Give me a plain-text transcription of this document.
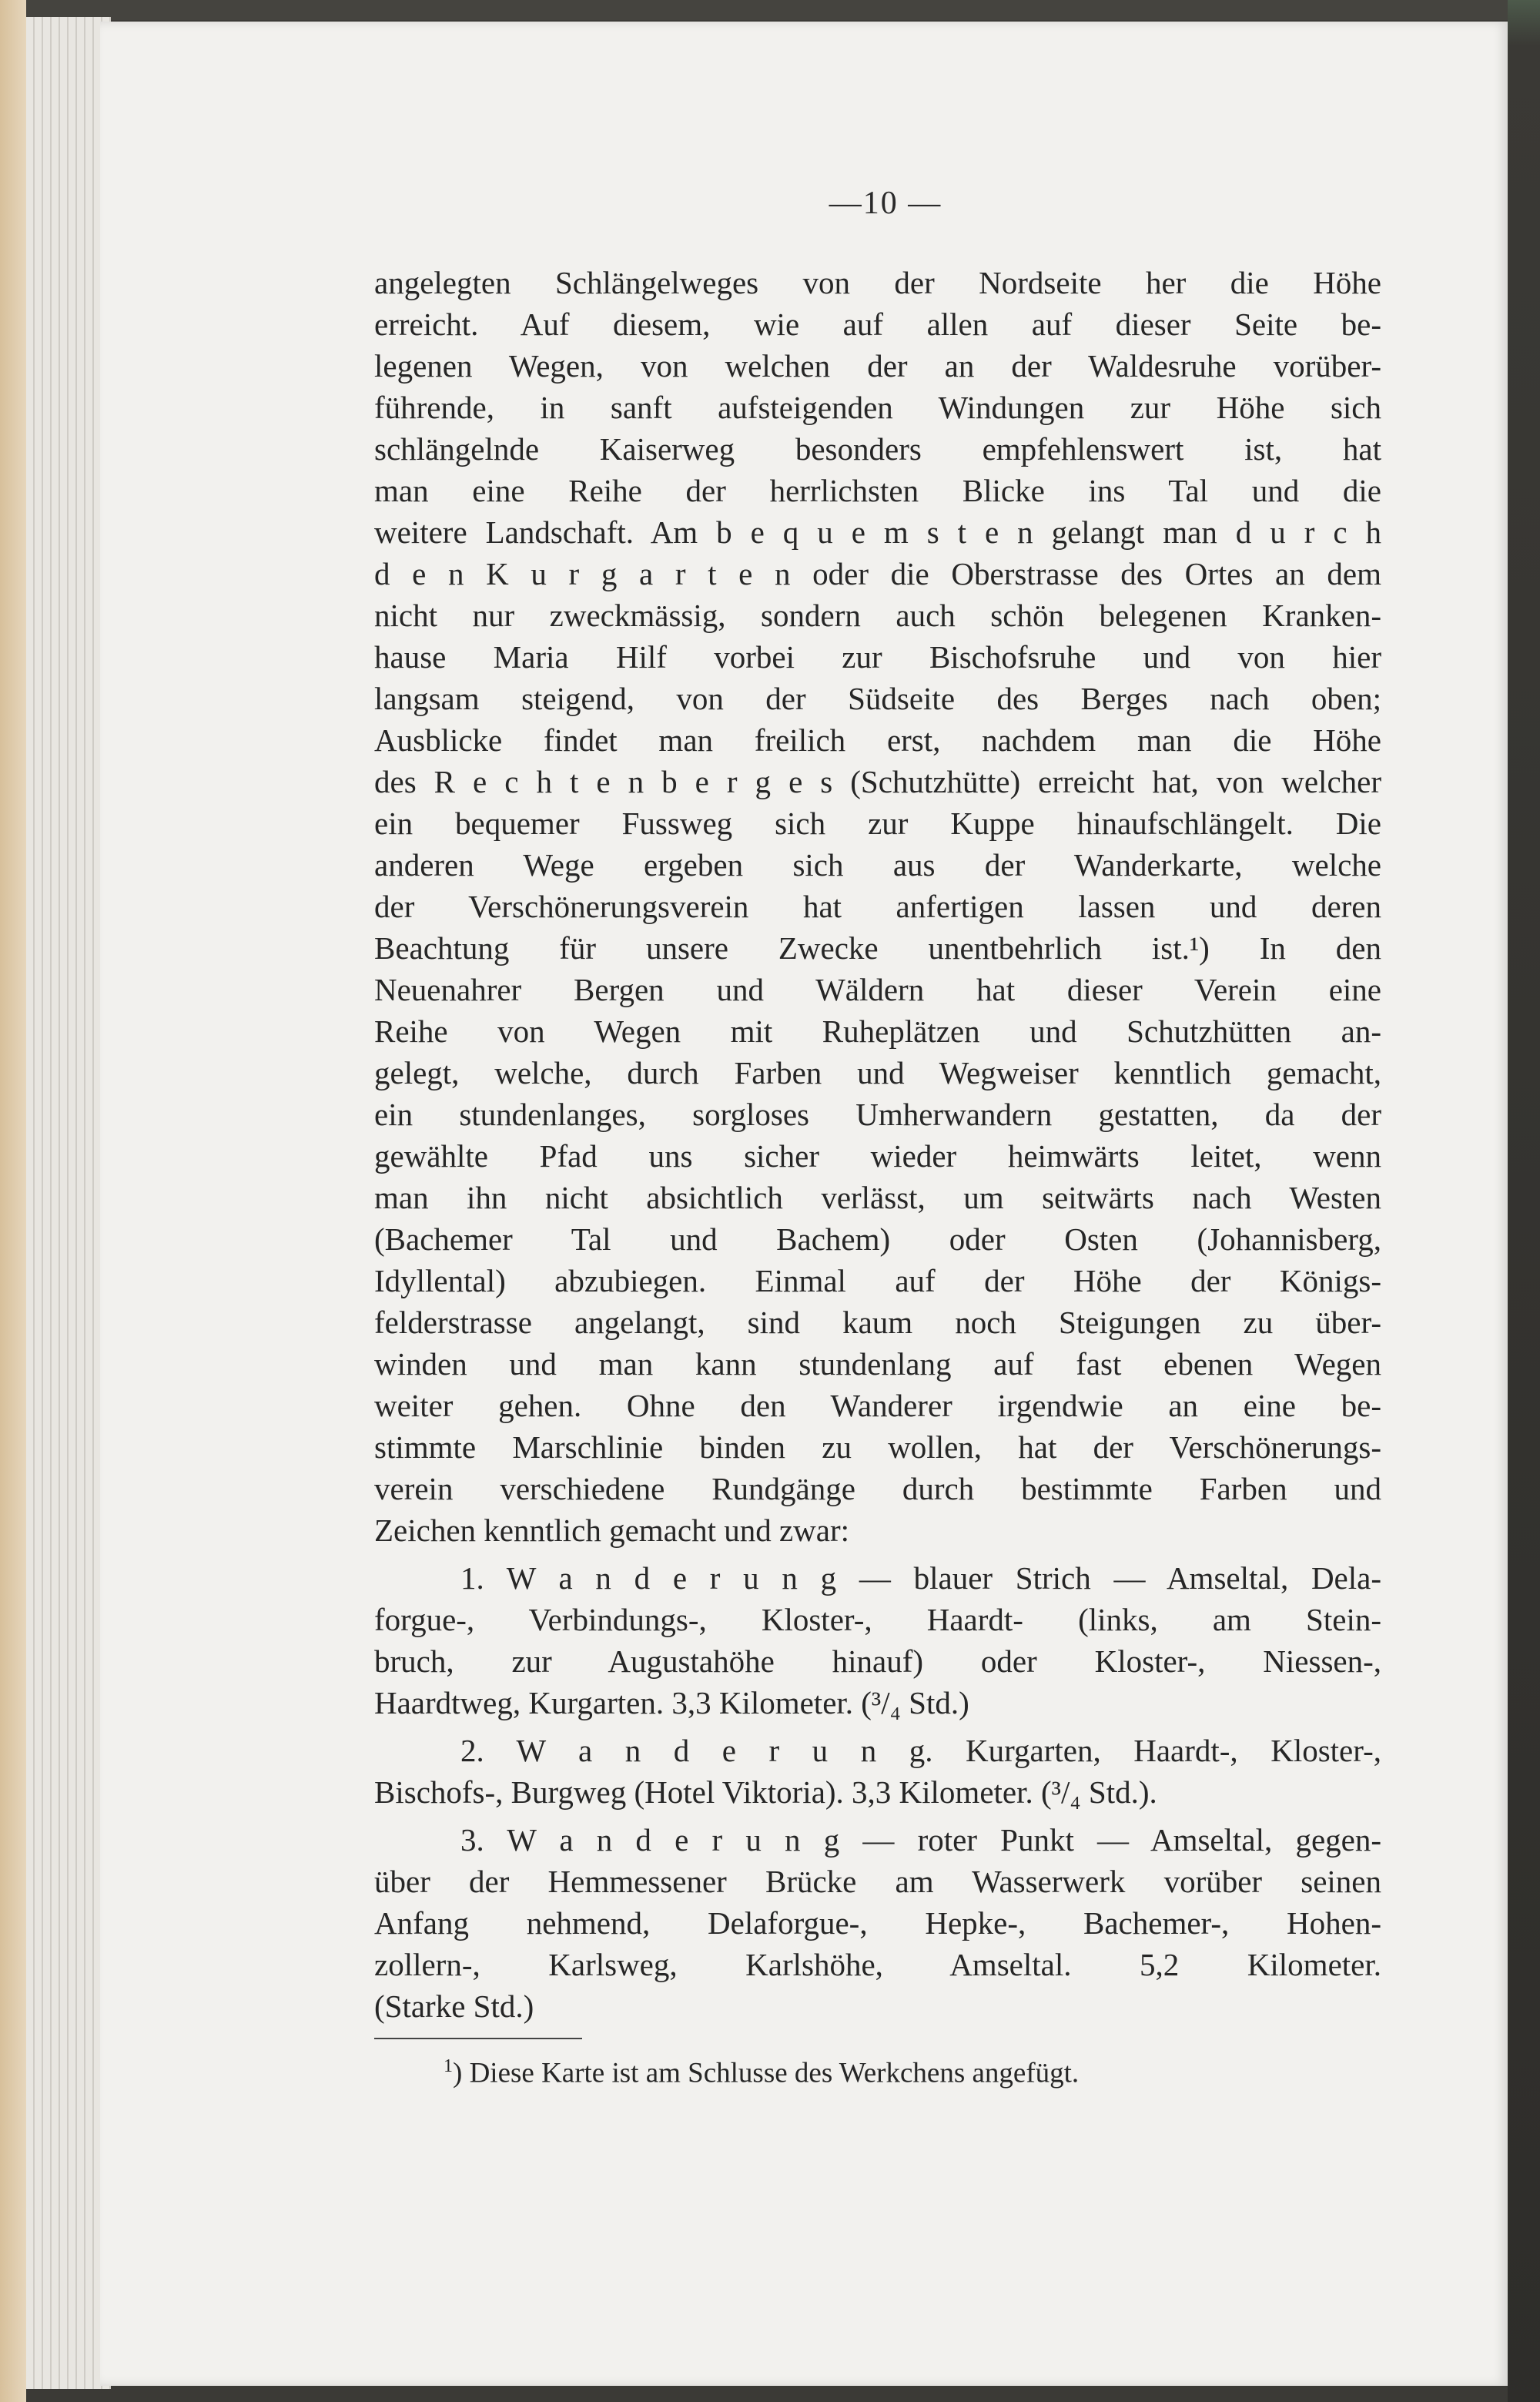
—10 —
angelegten Schlängelweges von der Nordseite her die Höhe
erreicht. Auf diesem, wie auf allen auf dieser Seite be-
legenen Wegen, von welchen der an der Waldesruhe vorüber-
führende, in sanft aufsteigenden Windungen zur Höhe sich
schlängelnde Kaiserweg besonders empfehlenswert ist, hat
man eine Reihe der herrlichsten Blicke ins Tal und die
weitere Landschaft. Am b e q u e m s t e n gelangt man d u r c h
d e n K u r g a r t e n oder die Oberstrasse des Ortes an dem
nicht nur zweckmässig, sondern auch schön belegenen Kranken-
hause Maria Hilf vorbei zur Bischofsruhe und von hier
langsam steigend, von der Südseite des Berges nach oben;
Ausblicke findet man freilich erst, nachdem man die Höhe
des R e c h t e n b e r g e s (Schutzhütte) erreicht hat, von welcher
ein bequemer Fussweg sich zur Kuppe hinaufschlängelt. Die
anderen Wege ergeben sich aus der Wanderkarte, welche
der Verschönerungsverein hat anfertigen lassen und deren
Beachtung für unsere Zwecke unentbehrlich ist.¹) In den
Neuenahrer Bergen und Wäldern hat dieser Verein eine
Reihe von Wegen mit Ruheplätzen und Schutzhütten an-
gelegt, welche, durch Farben und Wegweiser kenntlich gemacht,
ein stundenlanges, sorgloses Umherwandern gestatten, da der
gewählte Pfad uns sicher wieder heimwärts leitet, wenn
man ihn nicht absichtlich verlässt, um seitwärts nach Westen
(Bachemer Tal und Bachem) oder Osten (Johannisberg,
Idyllental) abzubiegen. Einmal auf der Höhe der Königs-
felderstrasse angelangt, sind kaum noch Steigungen zu über-
winden und man kann stundenlang auf fast ebenen Wegen
weiter gehen. Ohne den Wanderer irgendwie an eine be-
stimmte Marschlinie binden zu wollen, hat der Verschönerungs-
verein verschiedene Rundgänge durch bestimmte Farben und
Zeichen kenntlich gemacht und zwar:
1. W a n d e r u n g — blauer Strich — Amseltal, Dela-
forgue-, Verbindungs-, Kloster-, Haardt- (links, am Stein-
bruch, zur Augustahöhe hinauf) oder Kloster-, Niessen-,
Haardtweg, Kurgarten. 3,3 Kilometer. (³/₄ Std.)
2. W a n d e r u n g. Kurgarten, Haardt-, Kloster-,
Bischofs-, Burgweg (Hotel Viktoria). 3,3 Kilometer. (³/₄ Std.).
3. W a n d e r u n g — roter Punkt — Amseltal, gegen-
über der Hemmessener Brücke am Wasserwerk vorüber seinen
Anfang nehmend, Delaforgue-, Hepke-, Bachemer-, Hohen-
zollern-, Karlsweg, Karlshöhe, Amseltal. 5,2 Kilometer.
(Starke Std.)
$^1$) Diese Karte ist am Schlusse des Werkchens angefügt.
